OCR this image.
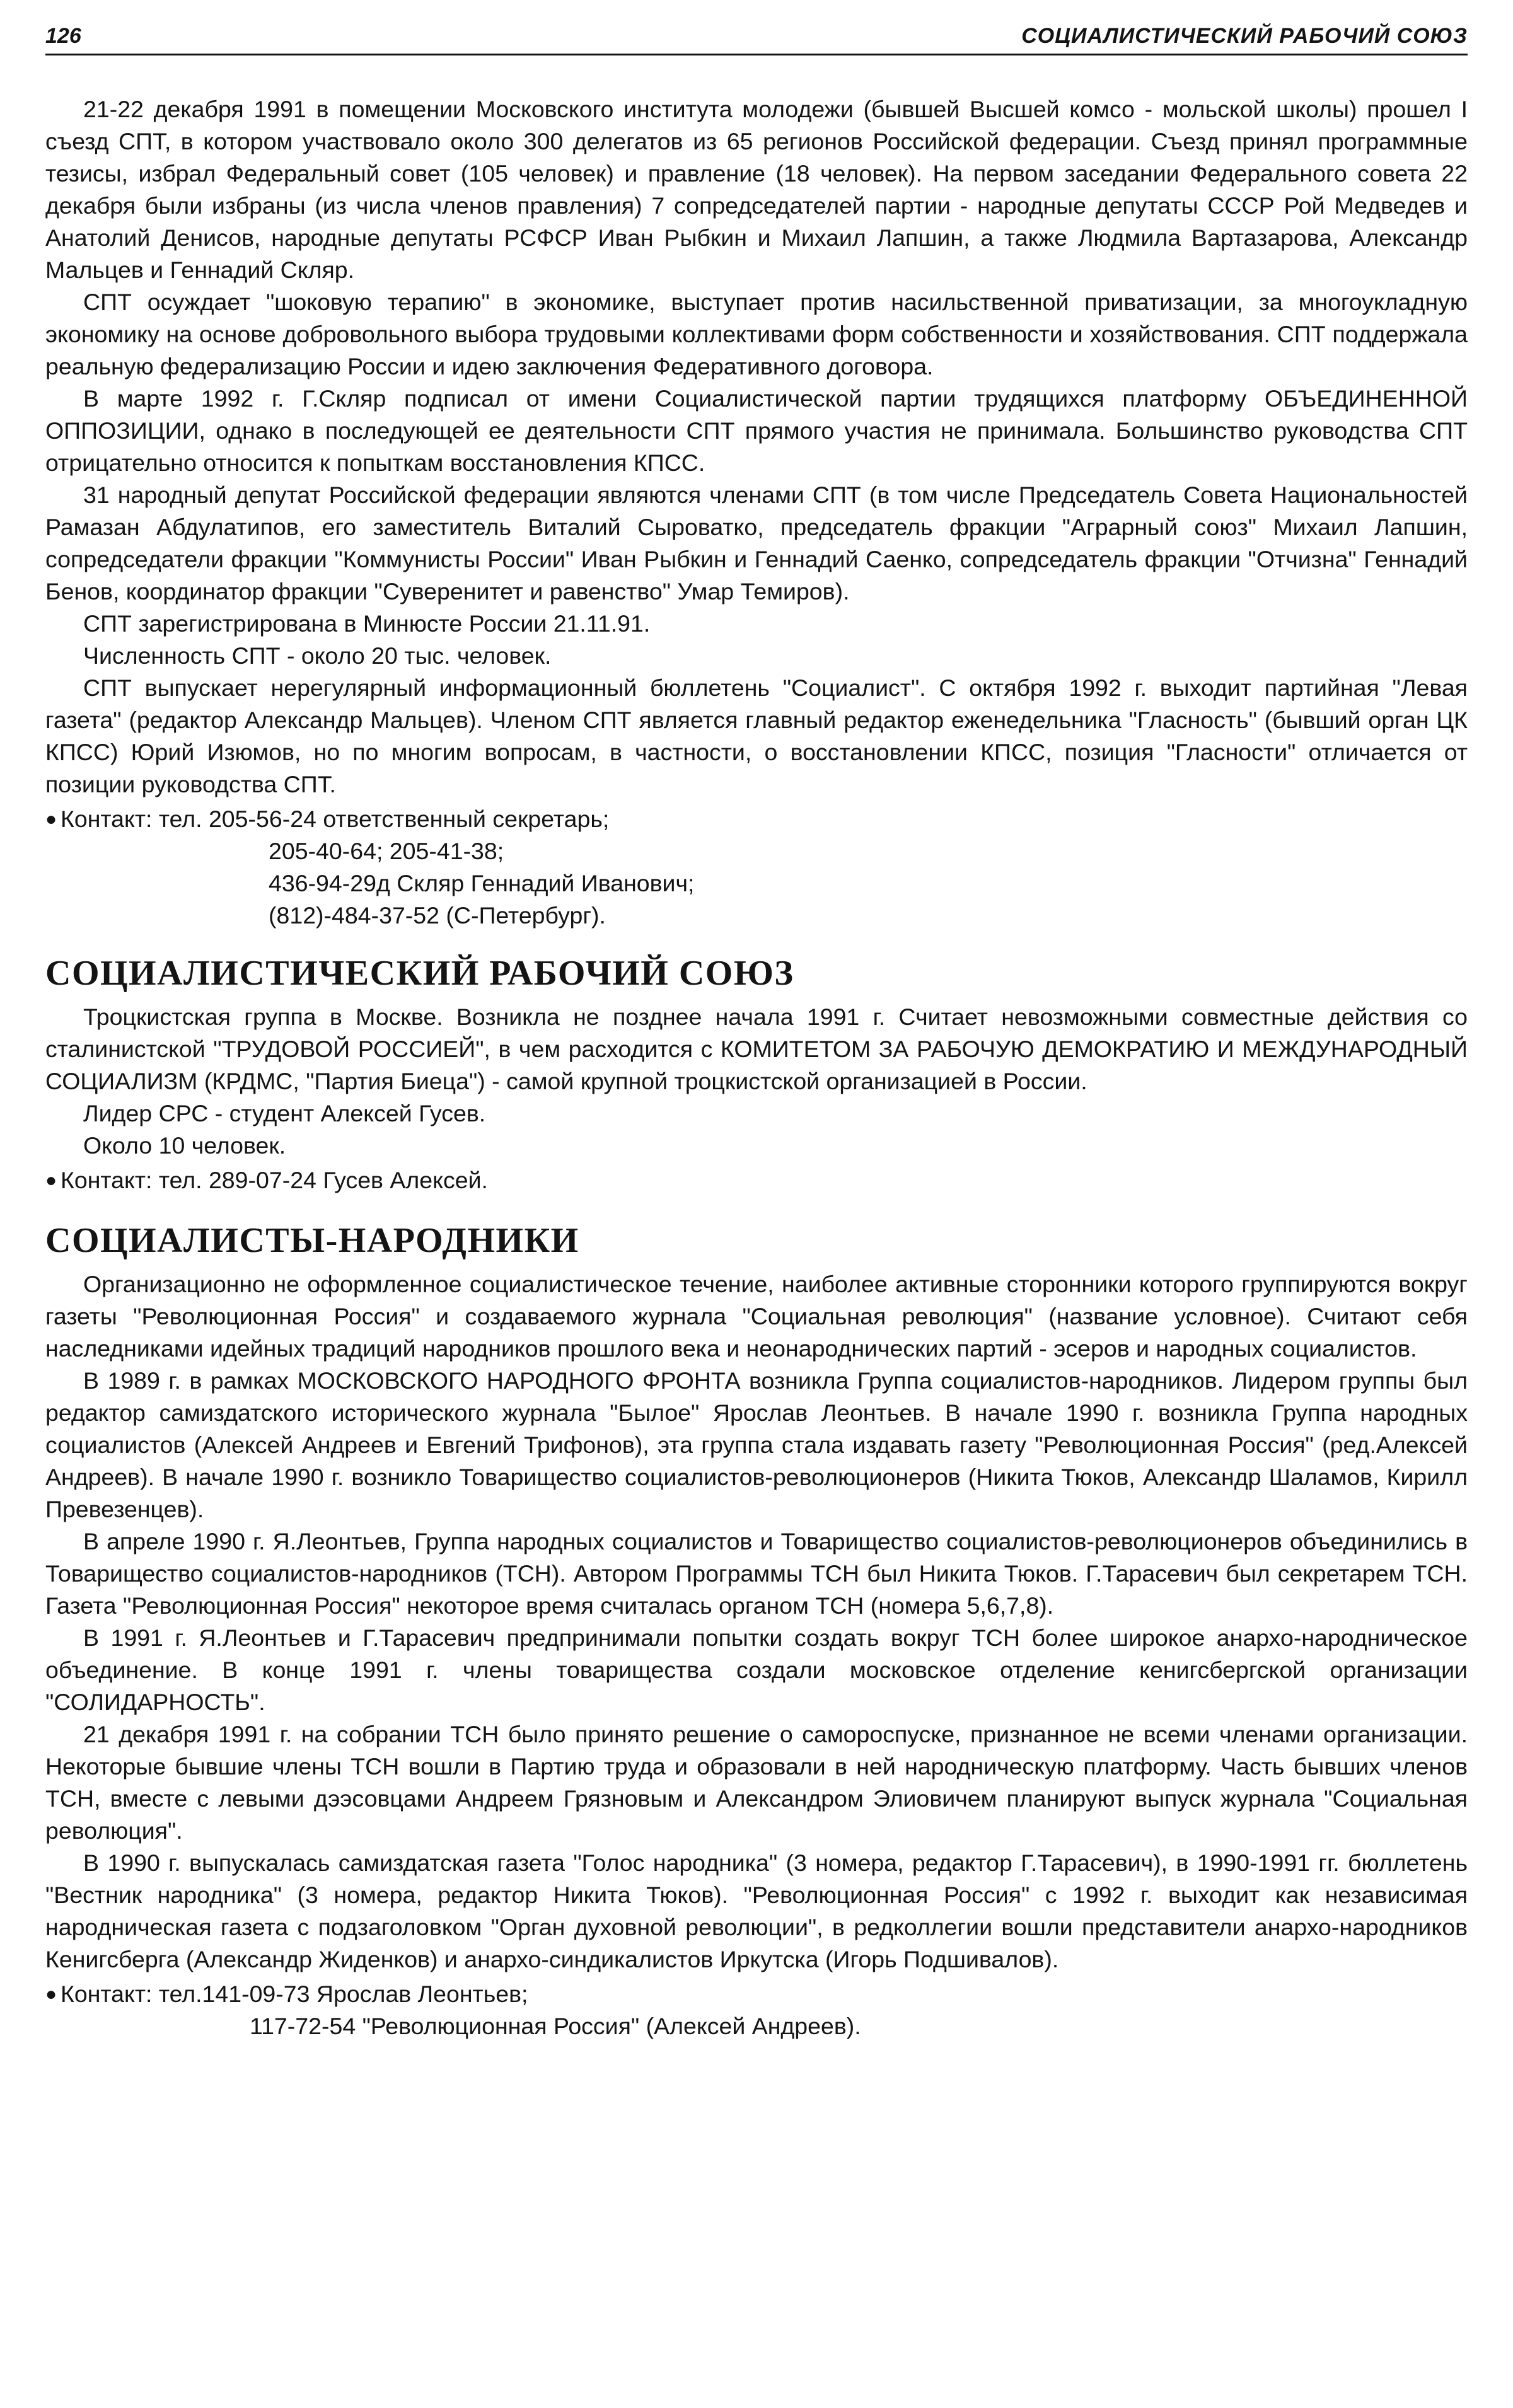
126	СОЦИАЛИСТИЧЕСКИЙ РАБОЧИЙ СОЮЗ

21-22 декабря 1991 в помещении Московского института молодежи (бывшей Высшей комсо - мольской школы) прошел I съезд СПТ, в котором участвовало около 300 делегатов из 65 регионов Российской федерации. Съезд принял программные тезисы, избрал Федеральный совет (105 человек) и правление (18 человек). На первом заседании Федерального совета 22 декабря были избраны (из числа членов правления) 7 сопредседателей партии - народные депутаты СССР Рой Медведев и Анатолий Денисов, народные депутаты РСФСР Иван Рыбкин и Михаил Лапшин, а также Людмила Вартазарова, Александр Мальцев и Геннадий Скляр.

СПТ осуждает "шоковую терапию" в экономике, выступает против насильственной приватизации, за многоукладную экономику на основе добровольного выбора трудовыми коллективами форм собственности и хозяйствования. СПТ поддержала реальную федерализацию России и идею заключения Федеративного договора.

В марте 1992 г. Г.Скляр подписал от имени Социалистической партии трудящихся платформу ОБЪЕДИНЕННОЙ ОППОЗИЦИИ, однако в последующей ее деятельности СПТ прямого участия не принимала. Большинство руководства СПТ отрицательно относится к попыткам восстановления КПСС.

31 народный депутат Российской федерации являются членами СПТ (в том числе Председатель Совета Национальностей Рамазан Абдулатипов, его заместитель Виталий Сыроватко, председатель фракции "Аграрный союз" Михаил Лапшин, сопредседатели фракции "Коммунисты России" Иван Рыбкин и Геннадий Саенко, сопредседатель фракции "Отчизна" Геннадий Бенов, координатор фракции "Суверенитет и равенство" Умар Темиров).

СПТ зарегистрирована в Минюсте России 21.11.91.

Численность СПТ - около 20 тыс. человек.

СПТ выпускает нерегулярный информационный бюллетень "Социалист". С октября 1992 г. выходит партийная "Левая газета" (редактор Александр Мальцев). Членом СПТ является главный редактор еженедельника "Гласность" (бывший орган ЦК КПСС) Юрий Изюмов, но по многим вопросам, в частности, о восстановлении КПСС, позиция "Гласности" отличается от позиции руководства СПТ.

● Контакт: тел. 205-56-24 ответственный секретарь;
205-40-64; 205-41-38;
436-94-29д Скляр Геннадий Иванович;
(812)-484-37-52 (С-Петербург).
СОЦИАЛИСТИЧЕСКИЙ РАБОЧИЙ СОЮЗ

Троцкистская группа в Москве. Возникла не позднее начала 1991 г. Считает невозможными совместные действия со сталинистской "ТРУДОВОЙ РОССИЕЙ", в чем расходится с КОМИТЕТОМ ЗА РАБОЧУЮ ДЕМОКРАТИЮ И МЕЖДУНАРОДНЫЙ СОЦИАЛИЗМ (КРДМС, "Партия Биеца") - самой крупной троцкистской организацией в России.

Лидер СРС - студент Алексей Гусев.

Около 10 человек.

● Контакт: тел. 289-07-24 Гусев Алексей.
СОЦИАЛИСТЫ-НАРОДНИКИ

Организационно не оформленное социалистическое течение, наиболее активные сторонники которого группируются вокруг газеты "Революционная Россия" и создаваемого журнала "Социальная революция" (название условное). Считают себя наследниками идейных традиций народников прошлого века и неонароднических партий - эсеров и народных социалистов.

В 1989 г. в рамках МОСКОВСКОГО НАРОДНОГО ФРОНТА возникла Группа социалистов-народников. Лидером группы был редактор самиздатского исторического журнала "Былое" Ярослав Леонтьев. В начале 1990 г. возникла Группа народных социалистов (Алексей Андреев и Евгений Трифонов), эта группа стала издавать газету "Революционная Россия" (ред.Алексей Андреев). В начале 1990 г. возникло Товарищество социалистов-революционеров (Никита Тюков, Александр Шаламов, Кирилл Превезенцев).

В апреле 1990 г. Я.Леонтьев, Группа народных социалистов и Товарищество социалистов-революционеров объединились в Товарищество социалистов-народников (ТСН). Автором Программы ТСН был Никита Тюков. Г.Тарасевич был секретарем ТСН. Газета "Революционная Россия" некоторое время считалась органом ТСН (номера 5,6,7,8).

В 1991 г. Я.Леонтьев и Г.Тарасевич предпринимали попытки создать вокруг ТСН более широкое анархо-народническое объединение. В конце 1991 г. члены товарищества создали московское отделение кенигсбергской организации "СОЛИДАРНОСТЬ".

21 декабря 1991 г. на собрании ТСН было принято решение о самороспуске, признанное не всеми членами организации. Некоторые бывшие члены ТСН вошли в Партию труда и образовали в ней народническую платформу. Часть бывших членов ТСН, вместе с левыми дээсовцами Андреем Грязновым и Александром Элиовичем планируют выпуск журнала "Социальная революция".

В 1990 г. выпускалась самиздатская газета "Голос народника" (3 номера, редактор Г.Тарасевич), в 1990-1991 гг. бюллетень "Вестник народника" (3 номера, редактор Никита Тюков). "Революционная Россия" с 1992 г. выходит как независимая народническая газета с подзаголовком "Орган духовной революции", в редколлегии вошли представители анархо-народников Кенигсберга (Александр Жиденков) и анархо-синдикалистов Иркутска (Игорь Подшивалов).

● Контакт: тел.141-09-73 Ярослав Леонтьев;
117-72-54 "Революционная Россия" (Алексей Андреев).
